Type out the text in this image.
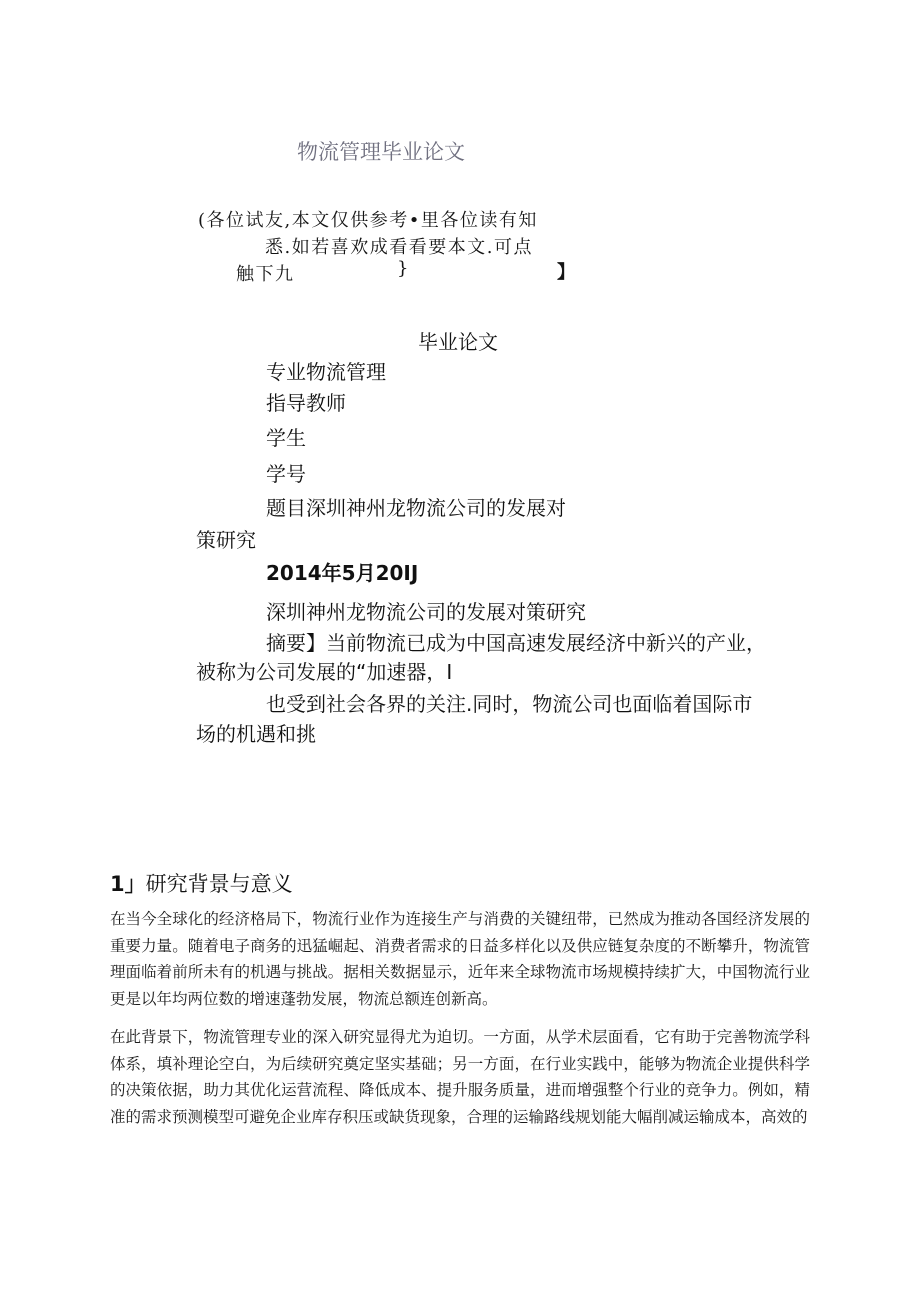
物流管理毕业论文
(各位试友,本文仅供参考•里各位读有知
悉.如若喜欢成看看要本文.可点
触下九	}	】
毕业论文
专业物流管理
指导教师
学生
学号
题目深圳神州龙物流公司的发展对
策研究
2014年5月20IJ
深圳神州龙物流公司的发展对策研究
摘要】当前物流已成为中国高速发展经济中新兴的产业，
被称为公司发展的“加速器，I
也受到社会各界的关注.同时，物流公司也面临着国际市
场的机遇和挑
1」研究背景与意义

在当今全球化的经济格局下，物流行业作为连接生产与消费的关键纽带，已然成为推动各国经济发展的重要力量。随着电子商务的迅猛崛起、消费者需求的日益多样化以及供应链复杂度的不断攀升，物流管理面临着前所未有的机遇与挑战。据相关数据显示，近年来全球物流市场规模持续扩大，中国物流行业更是以年均两位数的增速蓬勃发展，物流总额连创新高。

在此背景下，物流管理专业的深入研究显得尤为迫切。一方面，从学术层面看，它有助于完善物流学科体系，填补理论空白，为后续研究奠定坚实基础；另一方面，在行业实践中，能够为物流企业提供科学的决策依据，助力其优化运营流程、降低成本、提升服务质量，进而增强整个行业的竞争力。例如，精准的需求预测模型可避免企业库存积压或缺货现象，合理的运输路线规划能大幅削减运输成本，高效的
